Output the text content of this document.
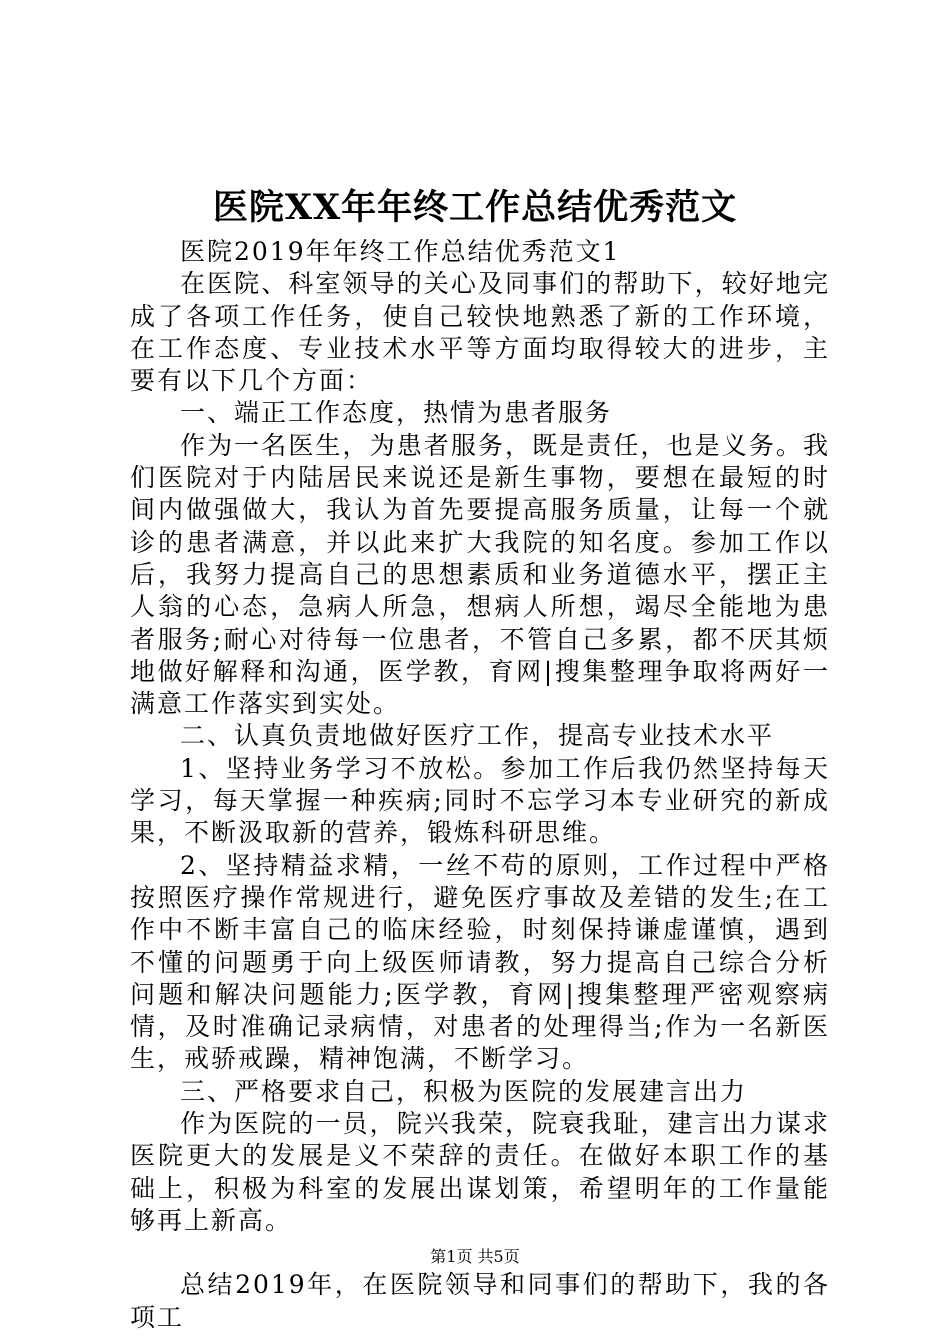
医院XX年年终工作总结优秀范文

医院2019年年终工作总结优秀范文1

在医院、科室领导的关心及同事们的帮助下，较好地完成了各项工作任务，使自己较快地熟悉了新的工作环境，在工作态度、专业技术水平等方面均取得较大的进步，主要有以下几个方面：

一、端正工作态度，热情为患者服务

作为一名医生，为患者服务，既是责任，也是义务。我们医院对于内陆居民来说还是新生事物，要想在最短的时间内做强做大，我认为首先要提高服务质量，让每一个就诊的患者满意，并以此来扩大我院的知名度。参加工作以后，我努力提高自己的思想素质和业务道德水平，摆正主人翁的心态，急病人所急，想病人所想，竭尽全能地为患者服务;耐心对待每一位患者，不管自己多累，都不厌其烦地做好解释和沟通，医学教，育网|搜集整理争取将两好一满意工作落实到实处。

二、认真负责地做好医疗工作，提高专业技术水平

1、坚持业务学习不放松。参加工作后我仍然坚持每天学习，每天掌握一种疾病;同时不忘学习本专业研究的新成果，不断汲取新的营养，锻炼科研思维。

2、坚持精益求精，一丝不苟的原则，工作过程中严格按照医疗操作常规进行，避免医疗事故及差错的发生;在工作中不断丰富自己的临床经验，时刻保持谦虚谨慎，遇到不懂的问题勇于向上级医师请教，努力提高自己综合分析问题和解决问题能力;医学教，育网|搜集整理严密观察病情，及时准确记录病情，对患者的处理得当;作为一名新医生，戒骄戒躁，精神饱满，不断学习。

三、严格要求自己，积极为医院的发展建言出力

作为医院的一员，院兴我荣，院衰我耻，建言出力谋求医院更大的发展是义不荣辞的责任。在做好本职工作的基础上，积极为科室的发展出谋划策，希望明年的工作量能够再上新高。

总结2019年，在医院领导和同事们的帮助下，我的各项工

第1页 共5页
